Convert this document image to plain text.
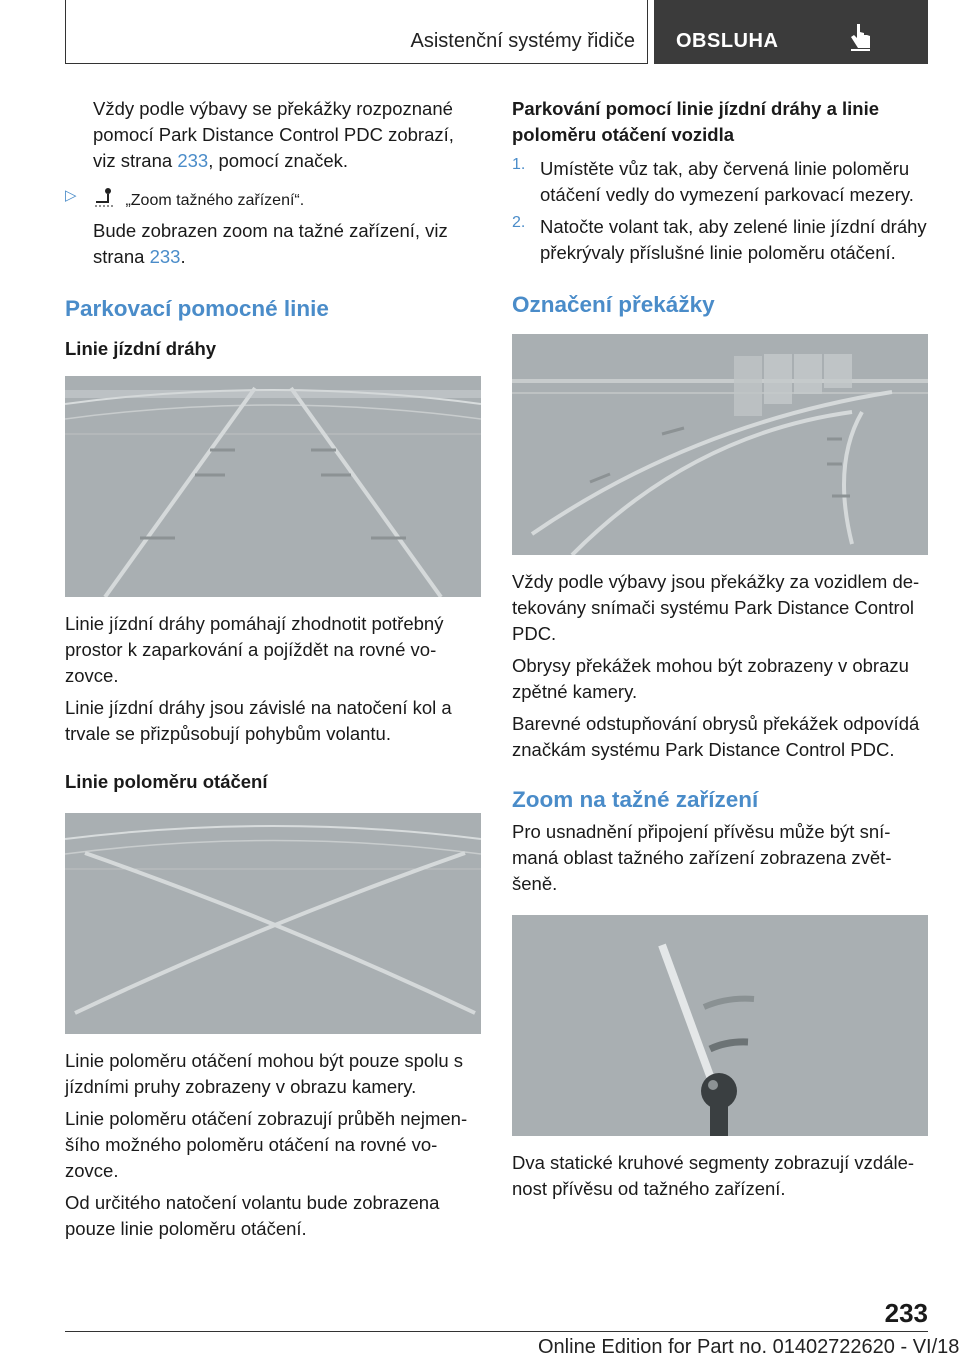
Asistenční systémy řidiče OBSLUHA

Vždy podle výbavy se překážky rozpoznané pomocí Park Distance Control PDC zobrazí, viz strana 233, pomocí značek.

▷	„Zoom tažného zařízení“.

Bude zobrazen zoom na tažné zařízení, viz strana 233.

Parkovací pomocné linie
Linie jízdní dráhy

Linie jízdní dráhy pomáhají zhodnotit potřebný prostor k zaparkování a pojíždět na rovné vozovce.

Linie jízdní dráhy jsou závislé na natočení kol a trvale se přizpůsobují pohybům volantu.

Linie poloměru otáčení

Linie poloměru otáčení mohou být pouze spolu s jízdními pruhy zobrazeny v obrazu kamery.

Linie poloměru otáčení zobrazují průběh nejmenšího možného poloměru otáčení na rovné vozovce.

Od určitého natočení volantu bude zobrazena pouze linie poloměru otáčení.

Parkování pomocí linie jízdní dráhy a linie poloměru otáčení vozidla
1. Umístěte vůz tak, aby červená linie poloměru otáčení vedly do vymezení parkovací mezery.

2. Natočte volant tak, aby zelené linie jízdní dráhy překrývaly příslušné linie poloměru otáčení.

Označení překážky

Vždy podle výbavy jsou překážky za vozidlem detekovány snímači systému Park Distance Control PDC.

Obrysy překážek mohou být zobrazeny v obrazu zpětné kamery.

Barevné odstupňování obrysů překážek odpovídá značkám systému Park Distance Control PDC.

Zoom na tažné zařízení

Pro usnadnění připojení přívěsu může být snímaná oblast tažného zařízení zobrazena zvětšeně.

Dva statické kruhové segmenty zobrazují vzdálenost přívěsu od tažného zařízení.

233
Online Edition for Part no. 01402722620 - VI/18
